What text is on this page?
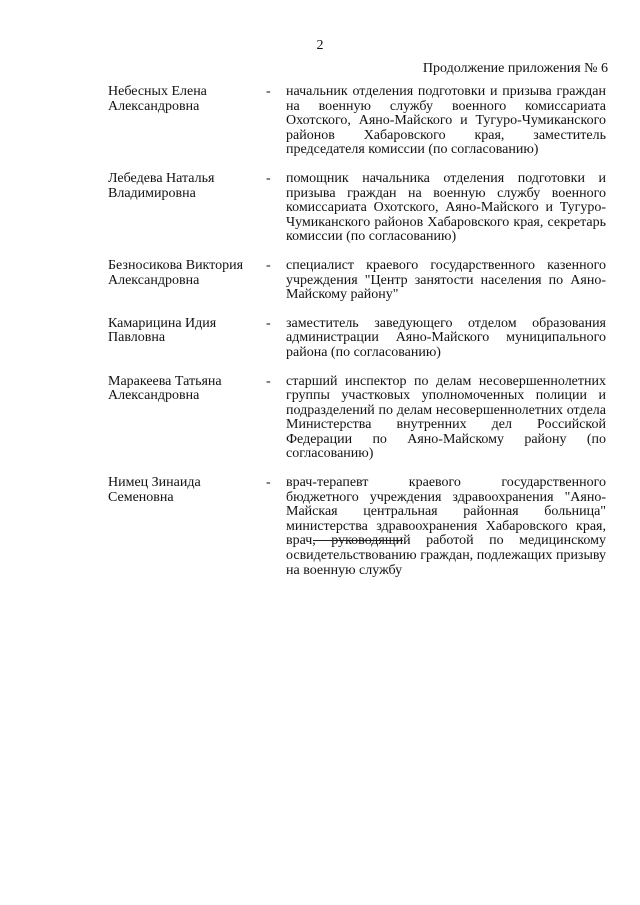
2
Продолжение приложения № 6
Небесных Елена
Александровна
-	начальник отделения подготовки и призыва граждан на военную службу военного комиссариата Охотского, Аяно-Майского и Тугуро-Чумиканского районов Хабаровского края, заместитель председателя комиссии (по согласованию)
Лебедева Наталья
Владимировна
-	помощник начальника отделения подготовки и призыва граждан на военную службу военного комиссариата Охотского, Аяно-Майского и Тугуро-Чумиканского районов Хабаровского края, секретарь комиссии (по согласованию)
Безносикова Виктория
Александровна
-	специалист краевого государственного казенного учреждения "Центр занятости населения по Аяно-Майскому району"
Камарицина Идия
Павловна
-	заместитель заведующего отделом образования администрации Аяно-Майского муниципального района (по согласованию)
Маракеева Татьяна
Александровна
-	старший инспектор по делам несовершеннолетних группы участковых уполномоченных полиции и подразделений по делам несовершеннолетних отдела Министерства внутренних дел Российской Федерации по Аяно-Майскому району (по согласованию)
Нимец Зинаида
Семеновна
-	врач-терапевт краевого государственного бюджетного учреждения здравоохранения "Аяно-Майская центральная районная больница" министерства здравоохранения Хабаровского края, врач, руководящий работой по медицинскому освидетельствованию граждан, подлежащих призыву на военную службу
